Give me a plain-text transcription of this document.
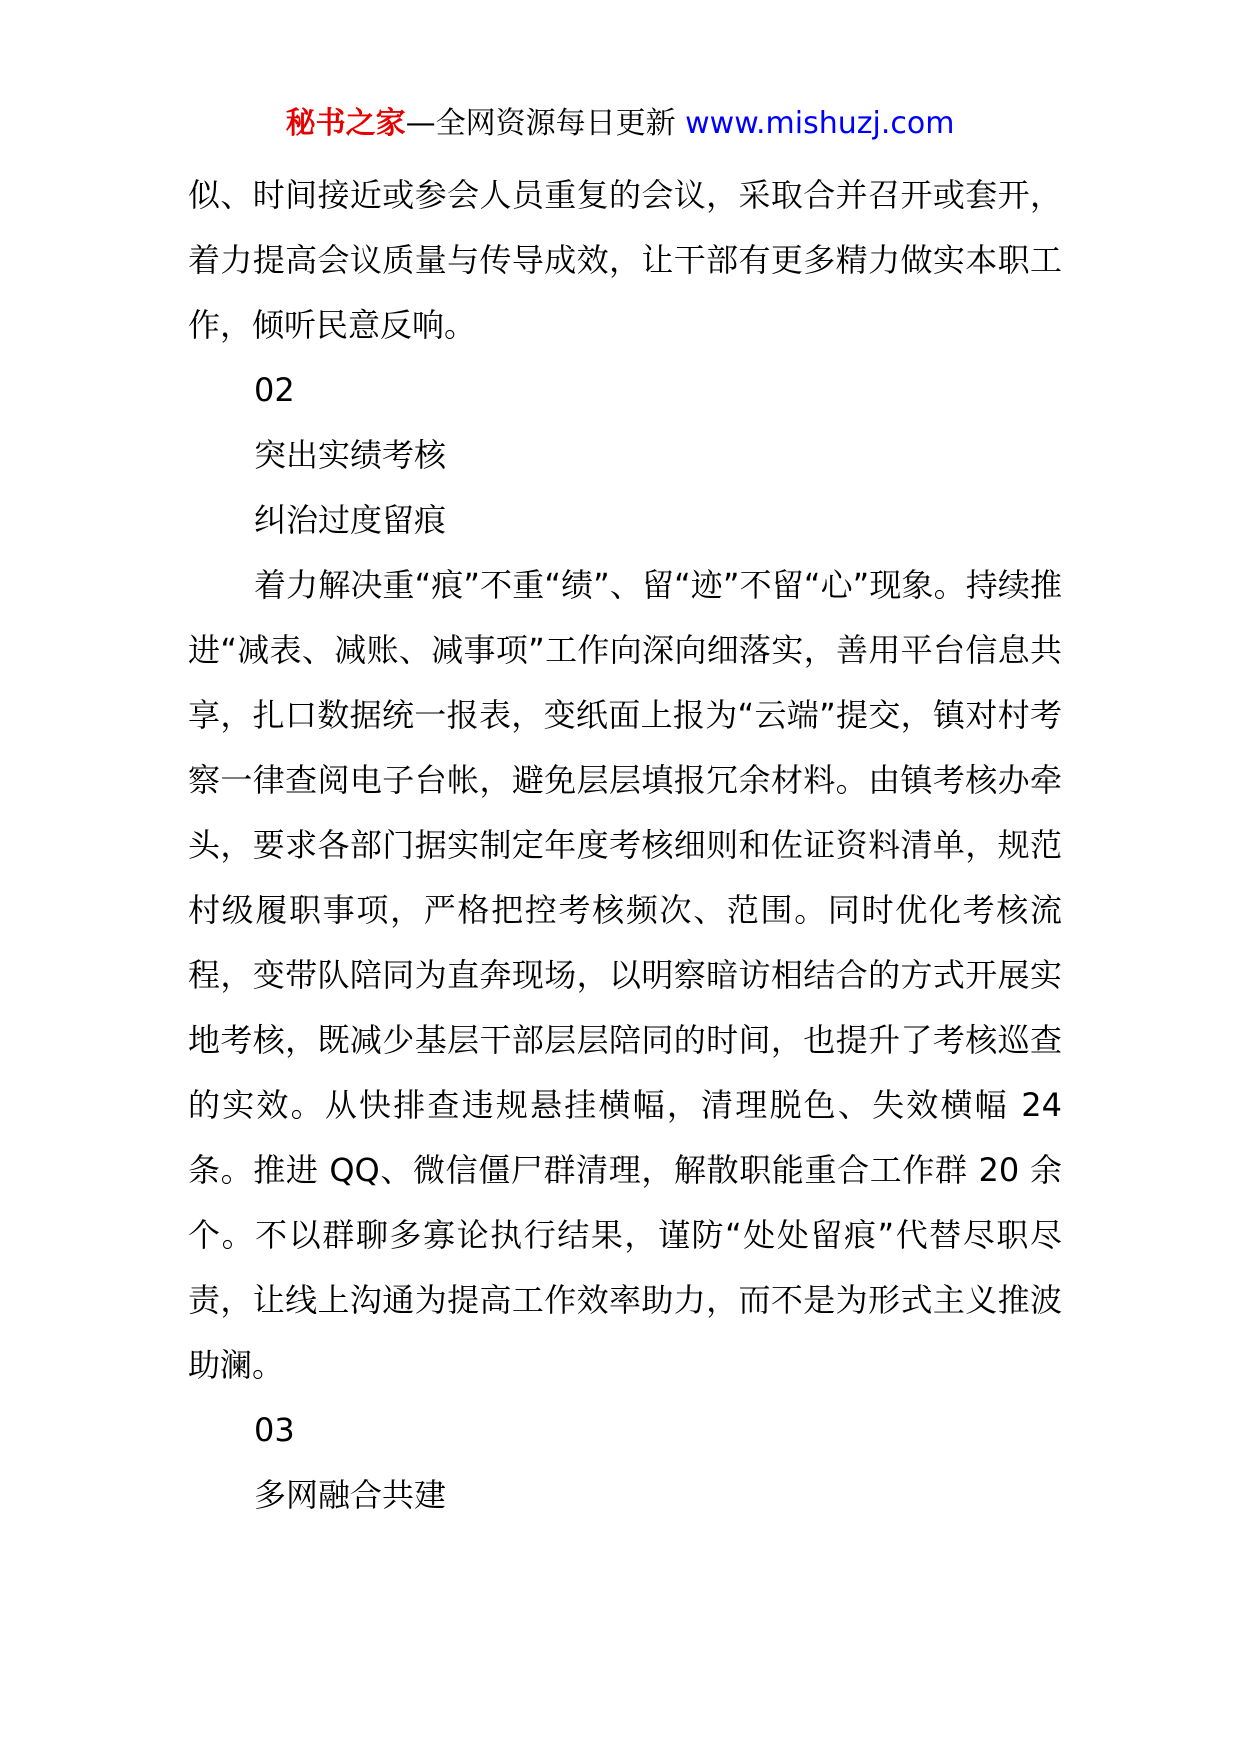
秘书之家—全网资源每日更新 www.mishuzj.com

似、时间接近或参会人员重复的会议，采取合并召开或套开，着力提高会议质量与传导成效，让干部有更多精力做实本职工作，倾听民意反响。

02

突出实绩考核

纠治过度留痕

着力解决重“痕”不重“绩”、留“迹”不留“心”现象。持续推进“减表、减账、减事项”工作向深向细落实，善用平台信息共享，扎口数据统一报表，变纸面上报为“云端”提交，镇对村考察一律查阅电子台帐，避免层层填报冗余材料。由镇考核办牵头，要求各部门据实制定年度考核细则和佐证资料清单，规范村级履职事项，严格把控考核频次、范围。同时优化考核流程，变带队陪同为直奔现场，以明察暗访相结合的方式开展实地考核，既减少基层干部层层陪同的时间，也提升了考核巡查的实效。从快排查违规悬挂横幅，清理脱色、失效横幅 24 条。推进 QQ、微信僵尸群清理，解散职能重合工作群 20 余个。不以群聊多寡论执行结果，谨防“处处留痕”代替尽职尽责，让线上沟通为提高工作效率助力，而不是为形式主义推波助澜。

03

多网融合共建
